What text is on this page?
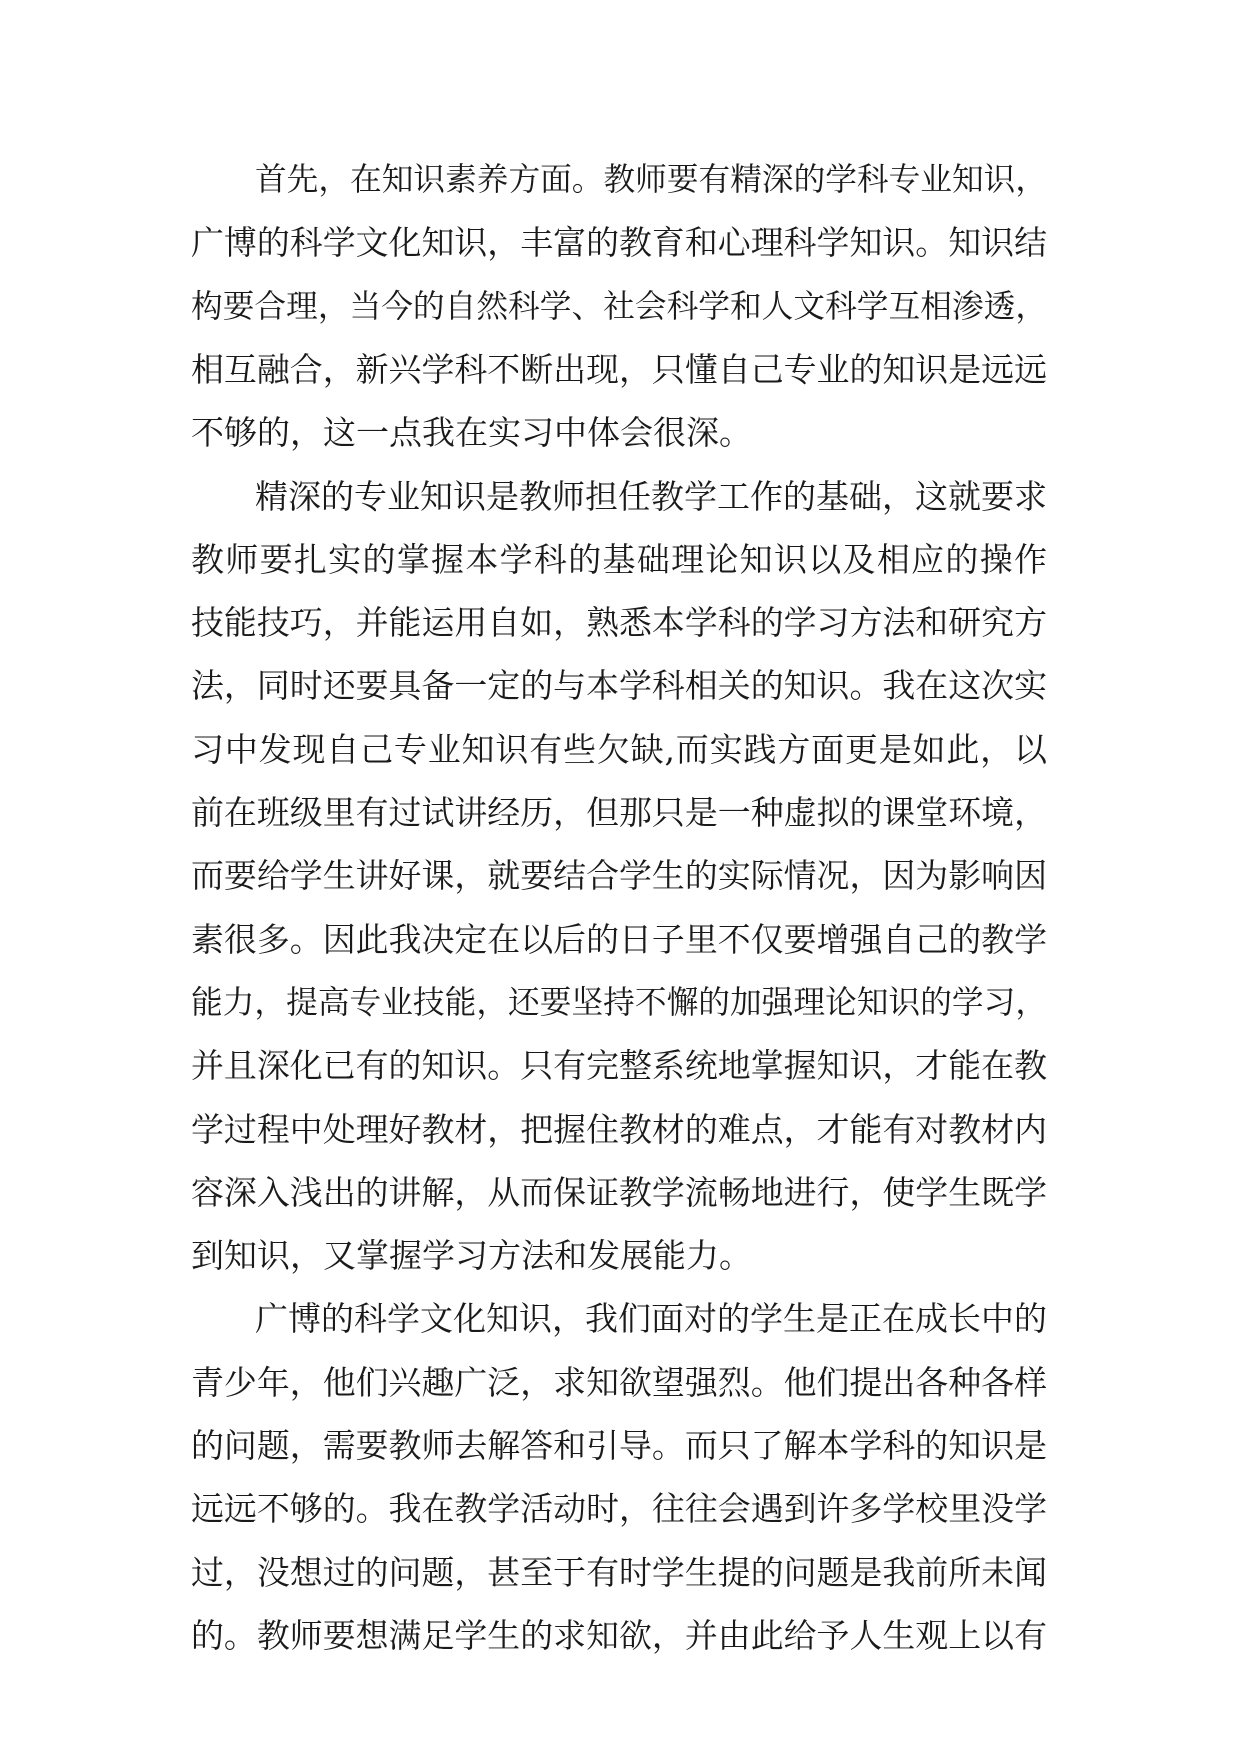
首先，在知识素养方面。教师要有精深的学科专业知识，
广博的科学文化知识，丰富的教育和心理科学知识。知识结
构要合理，当今的自然科学、社会科学和人文科学互相渗透，
相互融合，新兴学科不断出现，只懂自己专业的知识是远远
不够的，这一点我在实习中体会很深。
精深的专业知识是教师担任教学工作的基础，这就要求
教师要扎实的掌握本学科的基础理论知识以及相应的操作
技能技巧，并能运用自如，熟悉本学科的学习方法和研究方
法，同时还要具备一定的与本学科相关的知识。我在这次实
习中发现自己专业知识有些欠缺,而实践方面更是如此，以
前在班级里有过试讲经历，但那只是一种虚拟的课堂环境，
而要给学生讲好课，就要结合学生的实际情况，因为影响因
素很多。因此我决定在以后的日子里不仅要增强自己的教学
能力，提高专业技能，还要坚持不懈的加强理论知识的学习，
并且深化已有的知识。只有完整系统地掌握知识，才能在教
学过程中处理好教材，把握住教材的难点，才能有对教材内
容深入浅出的讲解，从而保证教学流畅地进行，使学生既学
到知识，又掌握学习方法和发展能力。
广博的科学文化知识，我们面对的学生是正在成长中的
青少年，他们兴趣广泛，求知欲望强烈。他们提出各种各样
的问题，需要教师去解答和引导。而只了解本学科的知识是
远远不够的。我在教学活动时，往往会遇到许多学校里没学
过，没想过的问题，甚至于有时学生提的问题是我前所未闻
的。教师要想满足学生的求知欲，并由此给予人生观上以有
